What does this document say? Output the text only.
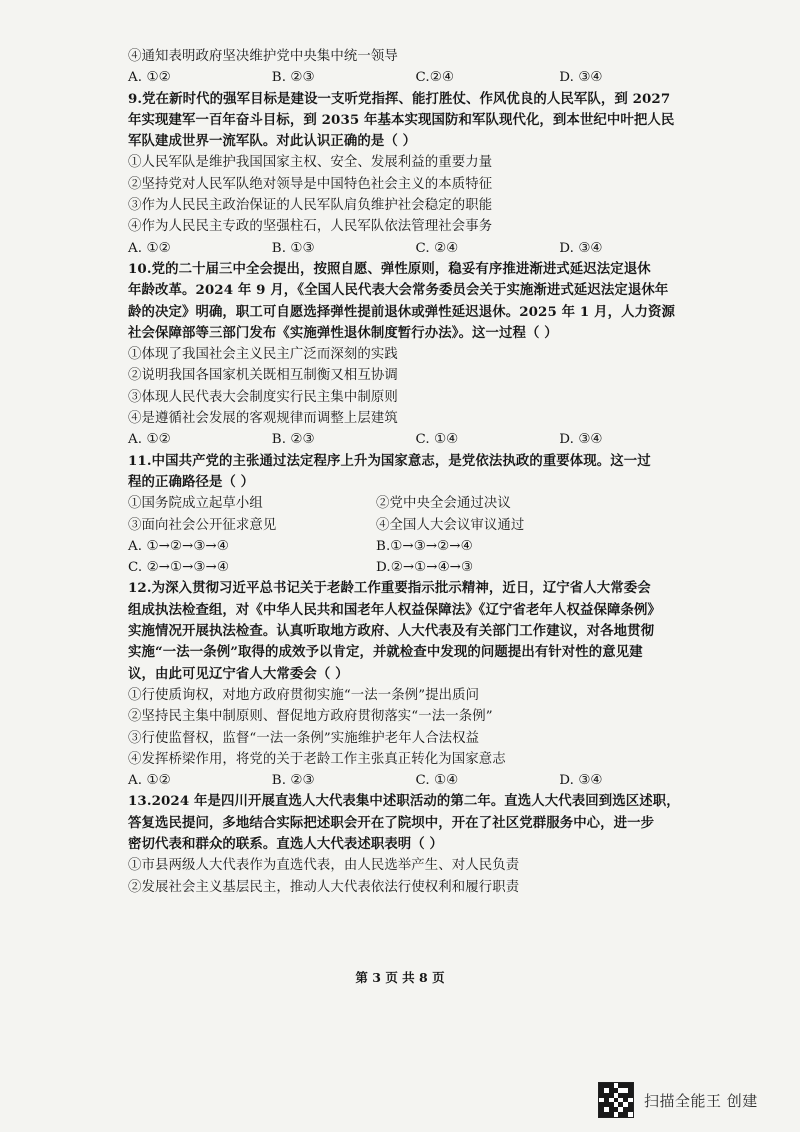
④通知表明政府坚决维护党中央集中统一领导
A. ①②	B. ②③	C.②④	D. ③④
9.党在新时代的强军目标是建设一支听党指挥、能打胜仗、作风优良的人民军队，到 2027
年实现建军一百年奋斗目标，到 2035 年基本实现国防和军队现代化，到本世纪中叶把人民
军队建成世界一流军队。对此认识正确的是（ ）
①人民军队是维护我国国家主权、安全、发展利益的重要力量
②坚持党对人民军队绝对领导是中国特色社会主义的本质特征
③作为人民民主政治保证的人民军队肩负维护社会稳定的职能
④作为人民民主专政的坚强柱石，人民军队依法管理社会事务
A. ①②	B. ①③	C. ②④	D. ③④
10.党的二十届三中全会提出，按照自愿、弹性原则，稳妥有序推进渐进式延迟法定退休
年龄改革。2024 年 9 月，《全国人民代表大会常务委员会关于实施渐进式延迟法定退休年
龄的决定》明确，职工可自愿选择弹性提前退休或弹性延迟退休。2025 年 1 月，人力资源
社会保障部等三部门发布《实施弹性退休制度暂行办法》。这一过程（ ）
①体现了我国社会主义民主广泛而深刻的实践
②说明我国各国家机关既相互制衡又相互协调
③体现人民代表大会制度实行民主集中制原则
④是遵循社会发展的客观规律而调整上层建筑
A. ①②	B. ②③	C. ①④	D. ③④
11.中国共产党的主张通过法定程序上升为国家意志，是党依法执政的重要体现。这一过
程的正确路径是（ ）
①国务院成立起草小组	②党中央全会通过决议
③面向社会公开征求意见	④全国人大会议审议通过
A. ①→②→③→④	B.①→③→②→④
C. ②→①→③→④	D.②→①→④→③
12.为深入贯彻习近平总书记关于老龄工作重要指示批示精神，近日，辽宁省人大常委会
组成执法检查组，对《中华人民共和国老年人权益保障法》《辽宁省老年人权益保障条例》
实施情况开展执法检查。认真听取地方政府、人大代表及有关部门工作建议，对各地贯彻
实施“一法一条例”取得的成效予以肯定，并就检查中发现的问题提出有针对性的意见建
议，由此可见辽宁省人大常委会（ ）
①行使质询权，对地方政府贯彻实施“一法一条例”提出质问
②坚持民主集中制原则、督促地方政府贯彻落实“一法一条例”
③行使监督权，监督“一法一条例”实施维护老年人合法权益
④发挥桥梁作用，将党的关于老龄工作主张真正转化为国家意志
A. ①②	B. ②③	C. ①④	D. ③④
13.2024 年是四川开展直选人大代表集中述职活动的第二年。直选人大代表回到选区述职，
答复选民提问，多地结合实际把述职会开在了院坝中，开在了社区党群服务中心，进一步
密切代表和群众的联系。直选人大代表述职表明（ ）
①市县两级人大代表作为直选代表，由人民选举产生、对人民负责
②发展社会主义基层民主，推动人大代表依法行使权利和履行职责
第 3 页 共 8 页
扫描全能王 创建
